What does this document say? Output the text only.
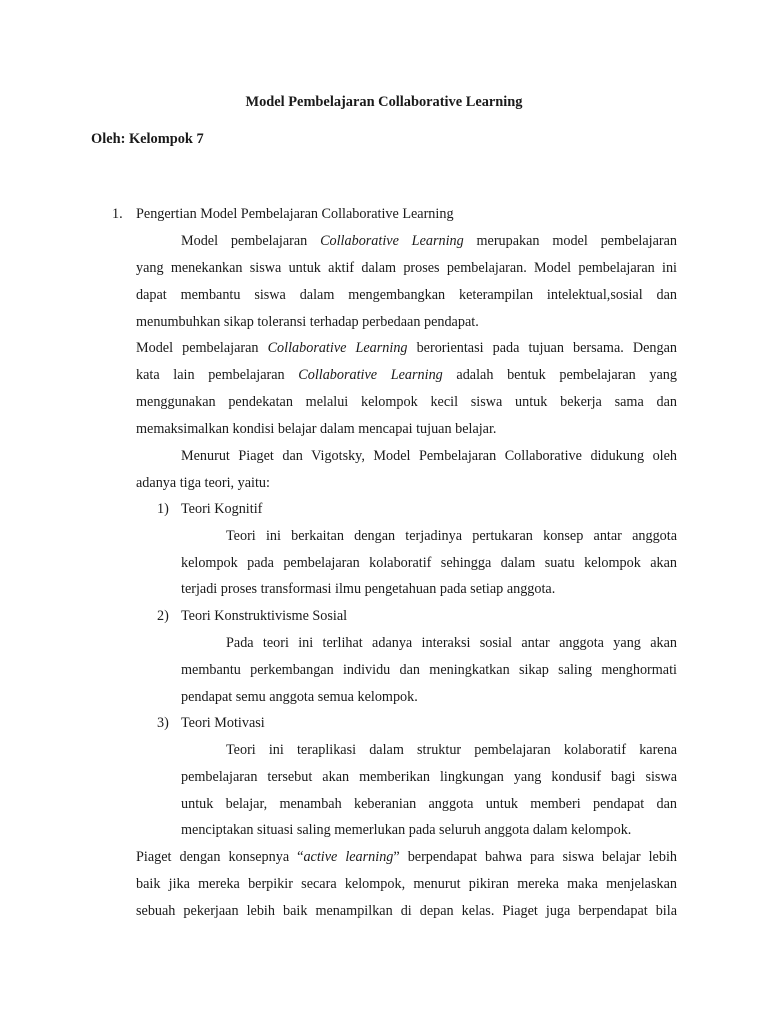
Model Pembelajaran Collaborative Learning
Oleh: Kelompok 7
1. Pengertian Model Pembelajaran Collaborative Learning
Model pembelajaran Collaborative Learning merupakan model pembelajaran
yang menekankan siswa untuk aktif dalam proses pembelajaran. Model pembelajaran ini
dapat membantu siswa dalam mengembangkan keterampilan intelektual,sosial dan
menumbuhkan sikap toleransi terhadap perbedaan pendapat.
Model pembelajaran Collaborative Learning berorientasi pada tujuan bersama. Dengan
kata lain pembelajaran Collaborative Learning adalah bentuk pembelajaran yang
menggunakan pendekatan melalui kelompok kecil siswa untuk bekerja sama dan
memaksimalkan kondisi belajar dalam mencapai tujuan belajar.
Menurut Piaget dan Vigotsky, Model Pembelajaran Collaborative didukung oleh
adanya tiga teori, yaitu:
1) Teori Kognitif
Teori ini berkaitan dengan terjadinya pertukaran konsep antar anggota
kelompok pada pembelajaran kolaboratif sehingga dalam suatu kelompok akan
terjadi proses transformasi ilmu pengetahuan pada setiap anggota.
2) Teori Konstruktivisme Sosial
Pada teori ini terlihat adanya interaksi sosial antar anggota yang akan
membantu perkembangan individu dan meningkatkan sikap saling menghormati
pendapat semu anggota semua kelompok.
3) Teori Motivasi
Teori ini teraplikasi dalam struktur pembelajaran kolaboratif karena
pembelajaran tersebut akan memberikan lingkungan yang kondusif bagi siswa
untuk belajar, menambah keberanian anggota untuk memberi pendapat dan
menciptakan situasi saling memerlukan pada seluruh anggota dalam kelompok.
Piaget dengan konsepnya “active learning” berpendapat bahwa para siswa belajar lebih
baik jika mereka berpikir secara kelompok, menurut pikiran mereka maka menjelaskan
sebuah pekerjaan lebih baik menampilkan di depan kelas. Piaget juga berpendapat bila
